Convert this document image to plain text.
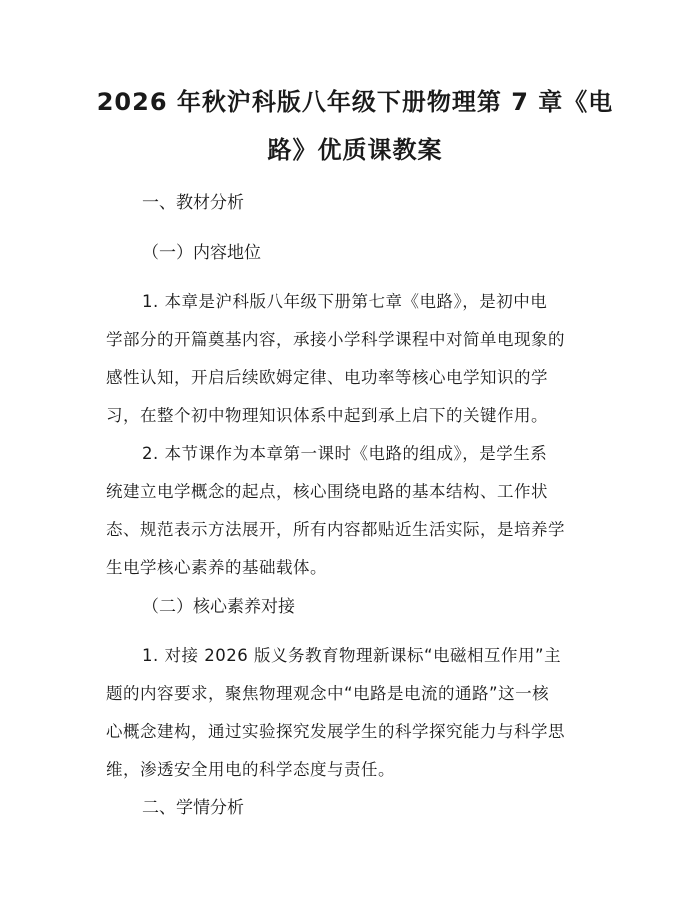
2026 年秋沪科版八年级下册物理第 7 章《电
路》优质课教案
一、教材分析
（一）内容地位
1. 本章是沪科版八年级下册第七章《电路》，是初中电
学部分的开篇奠基内容，承接小学科学课程中对简单电现象的
感性认知，开启后续欧姆定律、电功率等核心电学知识的学
习，在整个初中物理知识体系中起到承上启下的关键作用。
2. 本节课作为本章第一课时《电路的组成》，是学生系
统建立电学概念的起点，核心围绕电路的基本结构、工作状
态、规范表示方法展开，所有内容都贴近生活实际，是培养学
生电学核心素养的基础载体。
（二）核心素养对接
1. 对接 2026 版义务教育物理新课标“电磁相互作用”主
题的内容要求，聚焦物理观念中“电路是电流的通路”这一核
心概念建构，通过实验探究发展学生的科学探究能力与科学思
维，渗透安全用电的科学态度与责任。
二、学情分析
